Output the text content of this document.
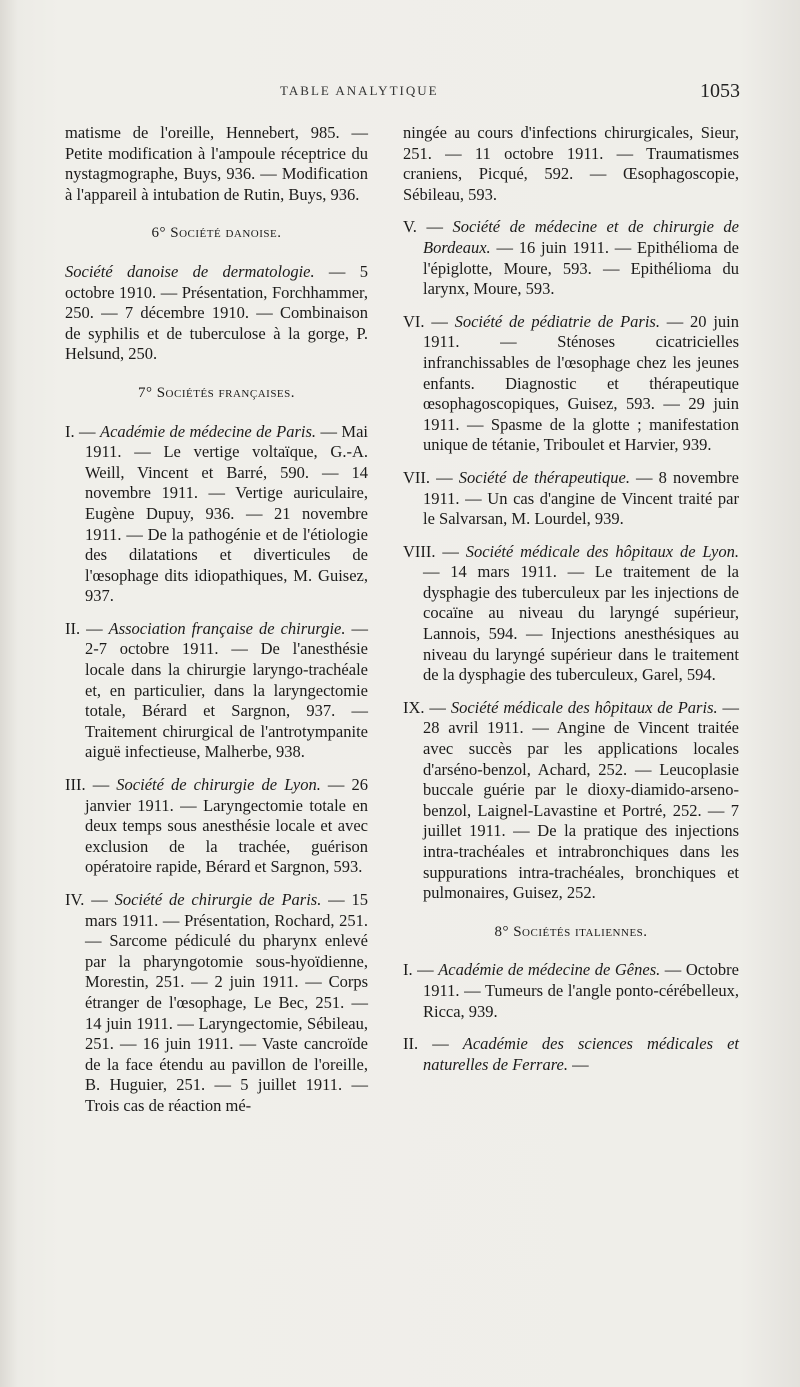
TABLE ANALYTIQUE	1053

matisme de l'oreille, Hennebert, 985. — Petite modification à l'ampoule réceptrice du nystagmographe, Buys, 936. — Modification à l'appareil à intubation de Rutin, Buys, 936.

6° Société danoise.

Société danoise de dermatologie. — 5 octobre 1910. — Présentation, Forchhammer, 250. — 7 décembre 1910. — Combinaison de syphilis et de tuberculose à la gorge, P. Helsund, 250.

7° Sociétés françaises.

I. — Académie de médecine de Paris. — Mai 1911. — Le vertige voltaïque, G.-A. Weill, Vincent et Barré, 590. — 14 novembre 1911. — Vertige auriculaire, Eugène Dupuy, 936. — 21 novembre 1911. — De la pathogénie et de l'étiologie des dilatations et diverticules de l'œsophage dits idiopathiques, M. Guisez, 937.

II. — Association française de chirurgie. — 2-7 octobre 1911. — De l'anesthésie locale dans la chirurgie laryngo-trachéale et, en particulier, dans la laryngectomie totale, Bérard et Sargnon, 937. — Traitement chirurgical de l'antrotympanite aiguë infectieuse, Malherbe, 938.

III. — Société de chirurgie de Lyon. — 26 janvier 1911. — Laryngectomie totale en deux temps sous anesthésie locale et avec exclusion de la trachée, guérison opératoire rapide, Bérard et Sargnon, 593.

IV. — Société de chirurgie de Paris. — 15 mars 1911. — Présentation, Rochard, 251. — Sarcome pédiculé du pharynx enlevé par la pharyngotomie sous-hyoïdienne, Morestin, 251. — 2 juin 1911. — Corps étranger de l'œsophage, Le Bec, 251. — 14 juin 1911. — Laryngectomie, Sébileau, 251. — 16 juin 1911. — Vaste cancroïde de la face étendu au pavillon de l'oreille, B. Huguier, 251. — 5 juillet 1911. — Trois cas de réaction mé-

ningée au cours d'infections chirurgicales, Sieur, 251. — 11 octobre 1911. — Traumatismes craniens, Picqué, 592. — Œsophagoscopie, Sébileau, 593.

V. — Société de médecine et de chirurgie de Bordeaux. — 16 juin 1911. — Epithélioma de l'épiglotte, Moure, 593. — Epithélioma du larynx, Moure, 593.

VI. — Société de pédiatrie de Paris. — 20 juin 1911. — Sténoses cicatricielles infranchissables de l'œsophage chez les jeunes enfants. Diagnostic et thérapeutique œsophagoscopiques, Guisez, 593. — 29 juin 1911. — Spasme de la glotte ; manifestation unique de tétanie, Triboulet et Harvier, 939.

VII. — Société de thérapeutique. — 8 novembre 1911. — Un cas d'angine de Vincent traité par le Salvarsan, M. Lourdel, 939.

VIII. — Société médicale des hôpitaux de Lyon. — 14 mars 1911. — Le traitement de la dysphagie des tuberculeux par les injections de cocaïne au niveau du laryngé supérieur, Lannois, 594. — Injections anesthésiques au niveau du laryngé supérieur dans le traitement de la dysphagie des tuberculeux, Garel, 594.

IX. — Société médicale des hôpitaux de Paris. — 28 avril 1911. — Angine de Vincent traitée avec succès par les applications locales d'arséno-benzol, Achard, 252. — Leucoplasie buccale guérie par le dioxy-diamido-arseno-benzol, Laignel-Lavastine et Portré, 252. — 7 juillet 1911. — De la pratique des injections intra-trachéales et intrabronchiques dans les suppurations intra-trachéales, bronchiques et pulmonaires, Guisez, 252.

8° Sociétés italiennes.

I. — Académie de médecine de Gênes. — Octobre 1911. — Tumeurs de l'angle ponto-cérébelleux, Ricca, 939.

II. — Académie des sciences médicales et naturelles de Ferrare. —
